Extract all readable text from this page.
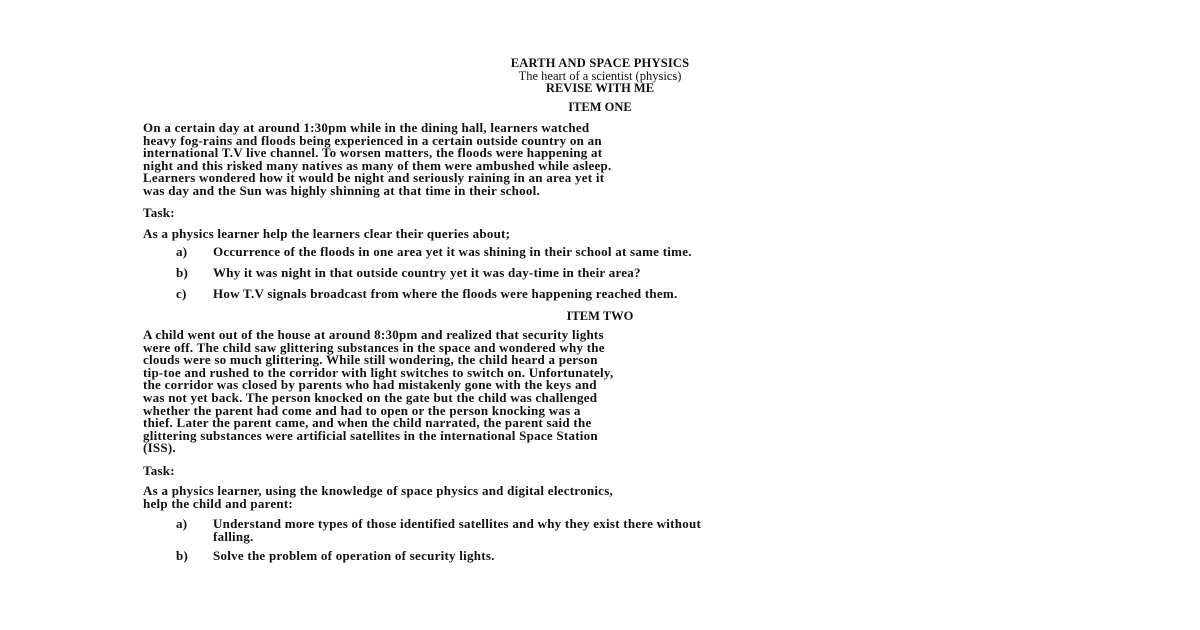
EARTH AND SPACE PHYSICS
The heart of a scientist (physics)
REVISE WITH ME
ITEM ONE
On a certain day at around 1:30pm while in the dining hall, learners watched
heavy fog-rains and floods being experienced in a certain outside country on an
international T.V live channel. To worsen matters, the floods were happening at
night and this risked many natives as many of them were ambushed while asleep.
Learners wondered how it would be night and seriously raining in an area yet it
was day and the Sun was highly shinning at that time in their school.
Task:
As a physics learner help the learners clear their queries about;
a) Occurrence of the floods in one area yet it was shining in their school at same time.
b) Why it was night in that outside country yet it was day-time in their area?
c) How T.V signals broadcast from where the floods were happening reached them.
ITEM TWO
A child went out of the house at around 8:30pm and realized that security lights
were off. The child saw glittering substances in the space and wondered why the
clouds were so much glittering. While still wondering, the child heard a person
tip-toe and rushed to the corridor with light switches to switch on. Unfortunately,
the corridor was closed by parents who had mistakenly gone with the keys and
was not yet back. The person knocked on the gate but the child was challenged
whether the parent had come and had to open or the person knocking was a
thief. Later the parent came, and when the child narrated, the parent said the
glittering substances were artificial satellites in the international Space Station
(ISS).
Task:
As a physics learner, using the knowledge of space physics and digital electronics,
help the child and parent:
a) Understand more types of those identified satellites and why they exist there without
falling.
b) Solve the problem of operation of security lights.
